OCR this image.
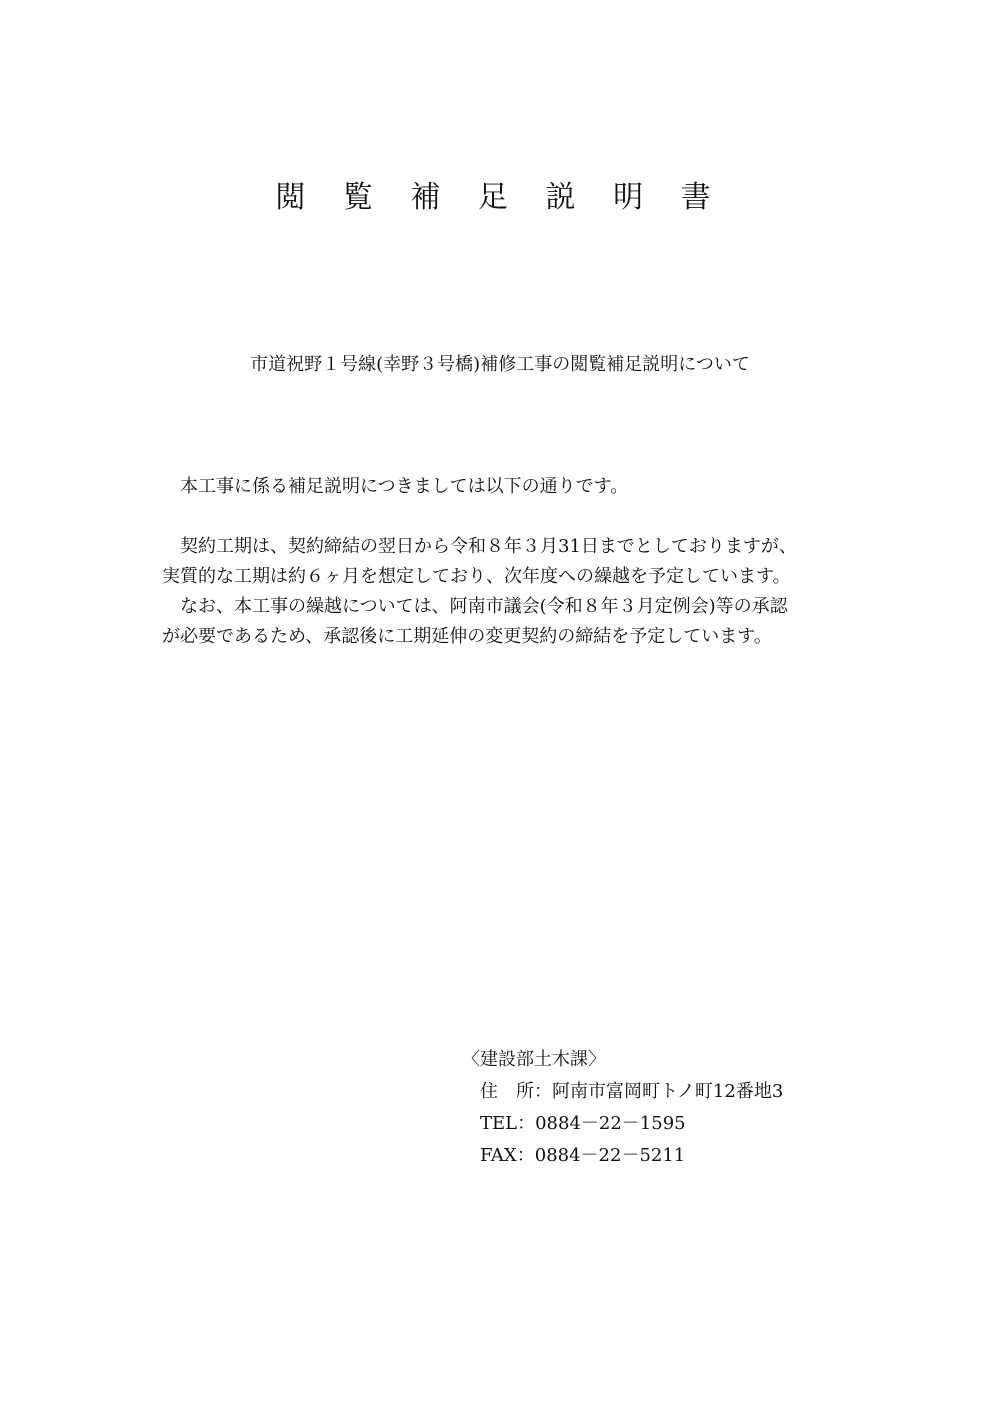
閲 覧 補 足 説 明 書
市道祝野１号線(幸野３号橋)補修工事の閲覧補足説明について

　本工事に係る補足説明につきましては以下の通りです。

　契約工期は、契約締結の翌日から令和８年３月31日までとしておりますが、

実質的な工期は約６ヶ月を想定しており、次年度への繰越を予定しています。

　なお、本工事の繰越については、阿南市議会(令和８年３月定例会)等の承認

が必要であるため、承認後に工期延伸の変更契約の締結を予定しています。

〈建設部土木課〉
住　所：阿南市富岡町トノ町12番地3
TEL：0884－22－1595
FAX：0884－22－5211
